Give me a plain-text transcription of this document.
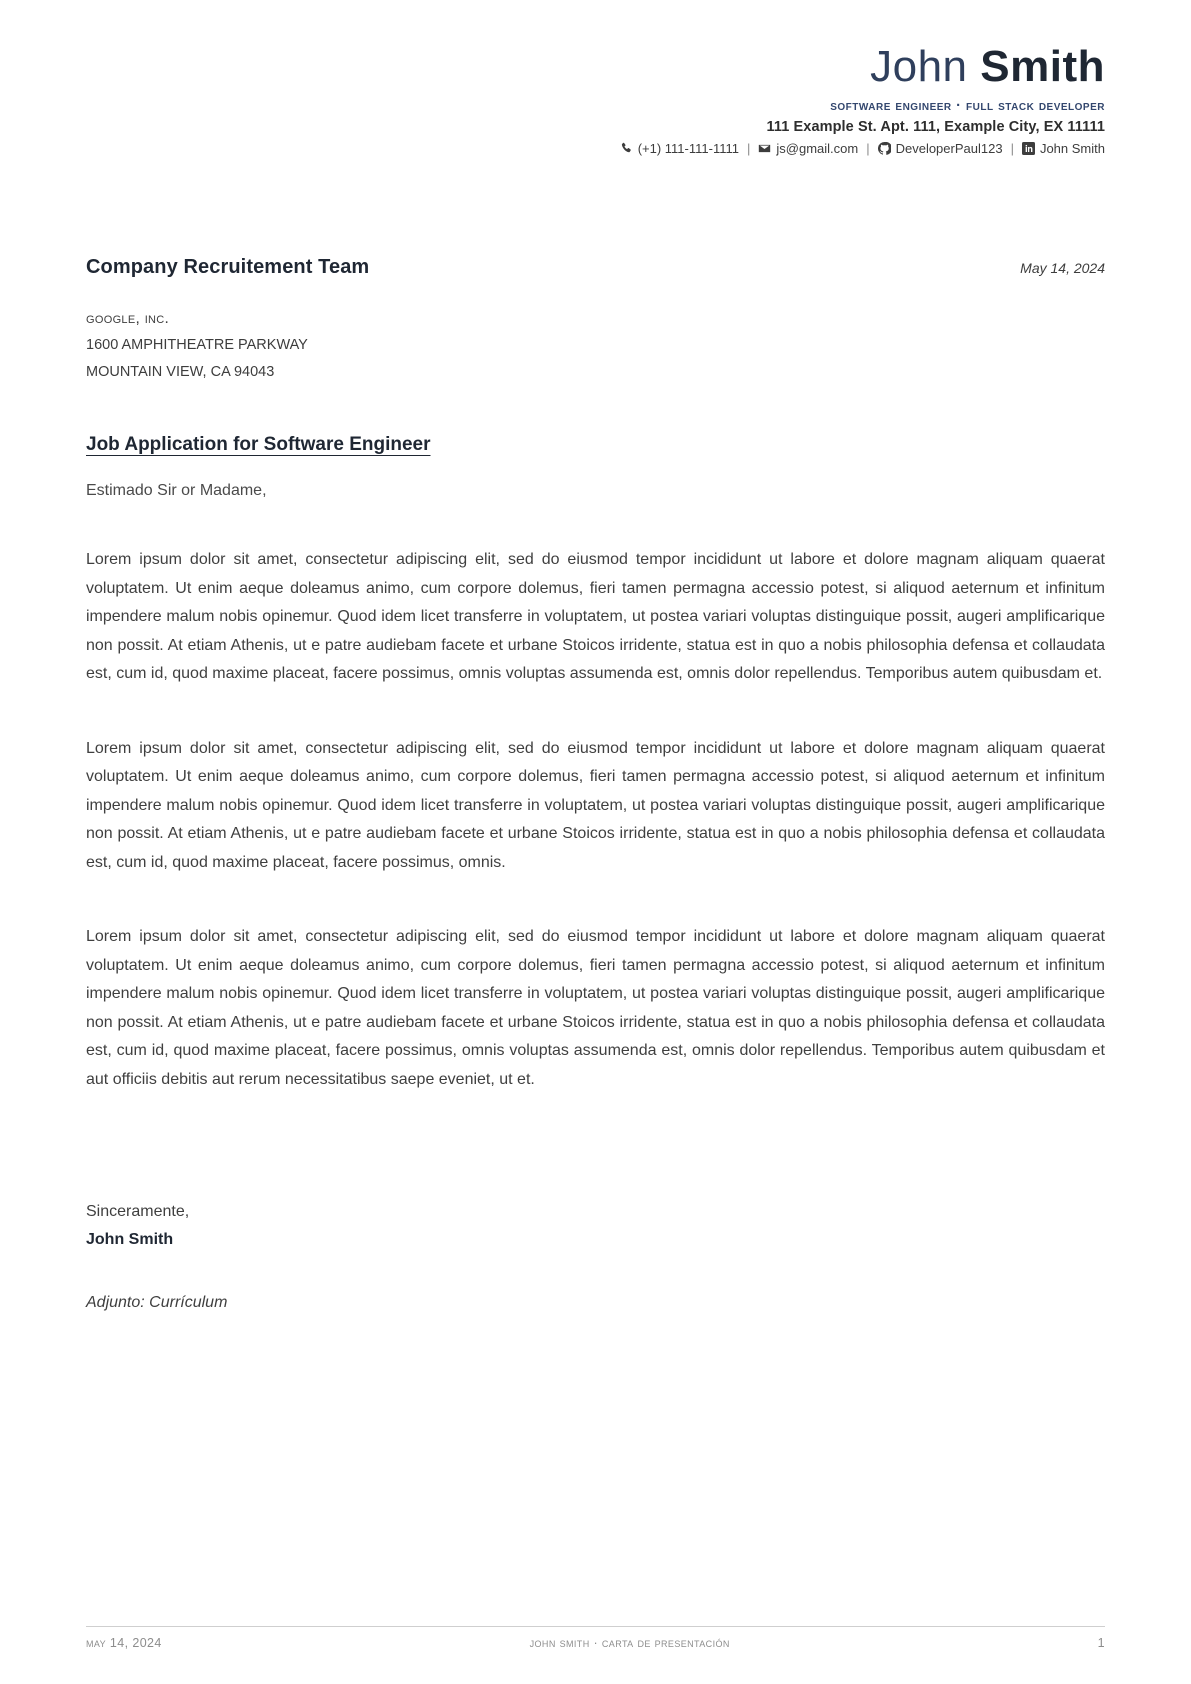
John Smith
software engineer · full stack developer
111 Example St. Apt. 111, Example City, EX 11111
(+1) 111-111-1111 | js@gmail.com | DeveloperPaul123 | John Smith
Company Recruitement Team	May 14, 2024
google, inc.
1600 AMPHITHEATRE PARKWAY
MOUNTAIN VIEW, CA 94043
Job Application for Software Engineer
Estimado Sir or Madame,
Lorem ipsum dolor sit amet, consectetur adipiscing elit, sed do eiusmod tempor incididunt ut labore et dolore magnam aliquam quaerat voluptatem. Ut enim aeque doleamus animo, cum corpore dolemus, fieri tamen permagna accessio potest, si aliquod aeternum et infinitum impendere malum nobis opinemur. Quod idem licet transferre in voluptatem, ut postea variari voluptas distinguique possit, augeri amplificarique non possit. At etiam Athenis, ut e patre audiebam facete et urbane Stoicos irridente, statua est in quo a nobis philosophia defensa et collaudata est, cum id, quod maxime placeat, facere possimus, omnis voluptas assumenda est, omnis dolor repellendus. Temporibus autem quibusdam et.
Lorem ipsum dolor sit amet, consectetur adipiscing elit, sed do eiusmod tempor incididunt ut labore et dolore magnam aliquam quaerat voluptatem. Ut enim aeque doleamus animo, cum corpore dolemus, fieri tamen permagna accessio potest, si aliquod aeternum et infinitum impendere malum nobis opinemur. Quod idem licet transferre in voluptatem, ut postea variari voluptas distinguique possit, augeri amplificarique non possit. At etiam Athenis, ut e patre audiebam facete et urbane Stoicos irridente, statua est in quo a nobis philosophia defensa et collaudata est, cum id, quod maxime placeat, facere possimus, omnis.
Lorem ipsum dolor sit amet, consectetur adipiscing elit, sed do eiusmod tempor incididunt ut labore et dolore magnam aliquam quaerat voluptatem. Ut enim aeque doleamus animo, cum corpore dolemus, fieri tamen permagna accessio potest, si aliquod aeternum et infinitum impendere malum nobis opinemur. Quod idem licet transferre in voluptatem, ut postea variari voluptas distinguique possit, augeri amplificarique non possit. At etiam Athenis, ut e patre audiebam facete et urbane Stoicos irridente, statua est in quo a nobis philosophia defensa et collaudata est, cum id, quod maxime placeat, facere possimus, omnis voluptas assumenda est, omnis dolor repellendus. Temporibus autem quibusdam et aut officiis debitis aut rerum necessitatibus saepe eveniet, ut et.
Sinceramente,
John Smith
Adjunto: Currículum
may 14, 2024	john smith · carta de presentación	1
